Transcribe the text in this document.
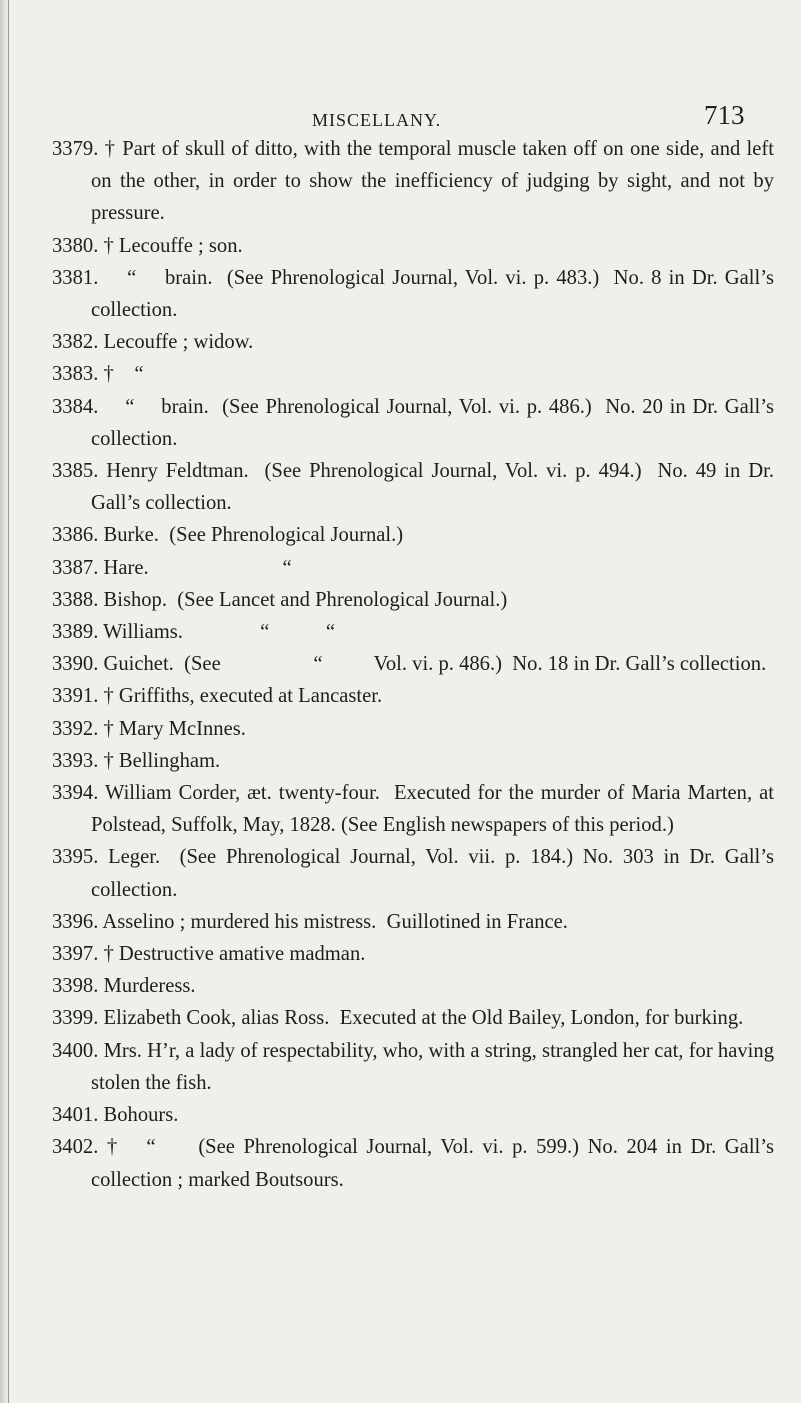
MISCELLANY.	713
3379. † Part of skull of ditto, with the temporal muscle taken off on one side, and left on the other, in order to show the inefficiency of judging by sight, and not by pressure.
3380. † Lecouffe ; son.
3381.    “    brain.  (See Phrenological Journal, Vol. vi. p. 483.)  No. 8 in Dr. Gall’s collection.
3382. Lecouffe ; widow.
3383. †    “
3384.    “    brain.  (See Phrenological Journal, Vol. vi. p. 486.)  No. 20 in Dr. Gall’s collection.
3385. Henry Feldtman.  (See Phrenological Journal, Vol. vi. p. 494.)  No. 49 in Dr. Gall’s collection.
3386. Burke.  (See Phrenological Journal.)
3387. Hare.                          “
3388. Bishop.  (See Lancet and Phrenological Journal.)
3389. Williams.               “           “
3390. Guichet.  (See                  “          Vol. vi. p. 486.)  No. 18 in Dr. Gall’s collection.
3391. † Griffiths, executed at Lancaster.
3392. † Mary McInnes.
3393. † Bellingham.
3394. William Corder, æt. twenty-four.  Executed for the murder of Maria Marten, at Polstead, Suffolk, May, 1828. (See English newspapers of this period.)
3395. Leger.  (See Phrenological Journal, Vol. vii. p. 184.) No. 303 in Dr. Gall’s collection.
3396. Asselino ; murdered his mistress.  Guillotined in France.
3397. † Destructive amative madman.
3398. Murderess.
3399. Elizabeth Cook, alias Ross.  Executed at the Old Bailey, London, for burking.
3400. Mrs. H’r, a lady of respectability, who, with a string, strangled her cat, for having stolen the fish.
3401. Bohours.
3402. †   “     (See Phrenological Journal, Vol. vi. p. 599.) No. 204 in Dr. Gall’s collection ; marked Boutsours.
